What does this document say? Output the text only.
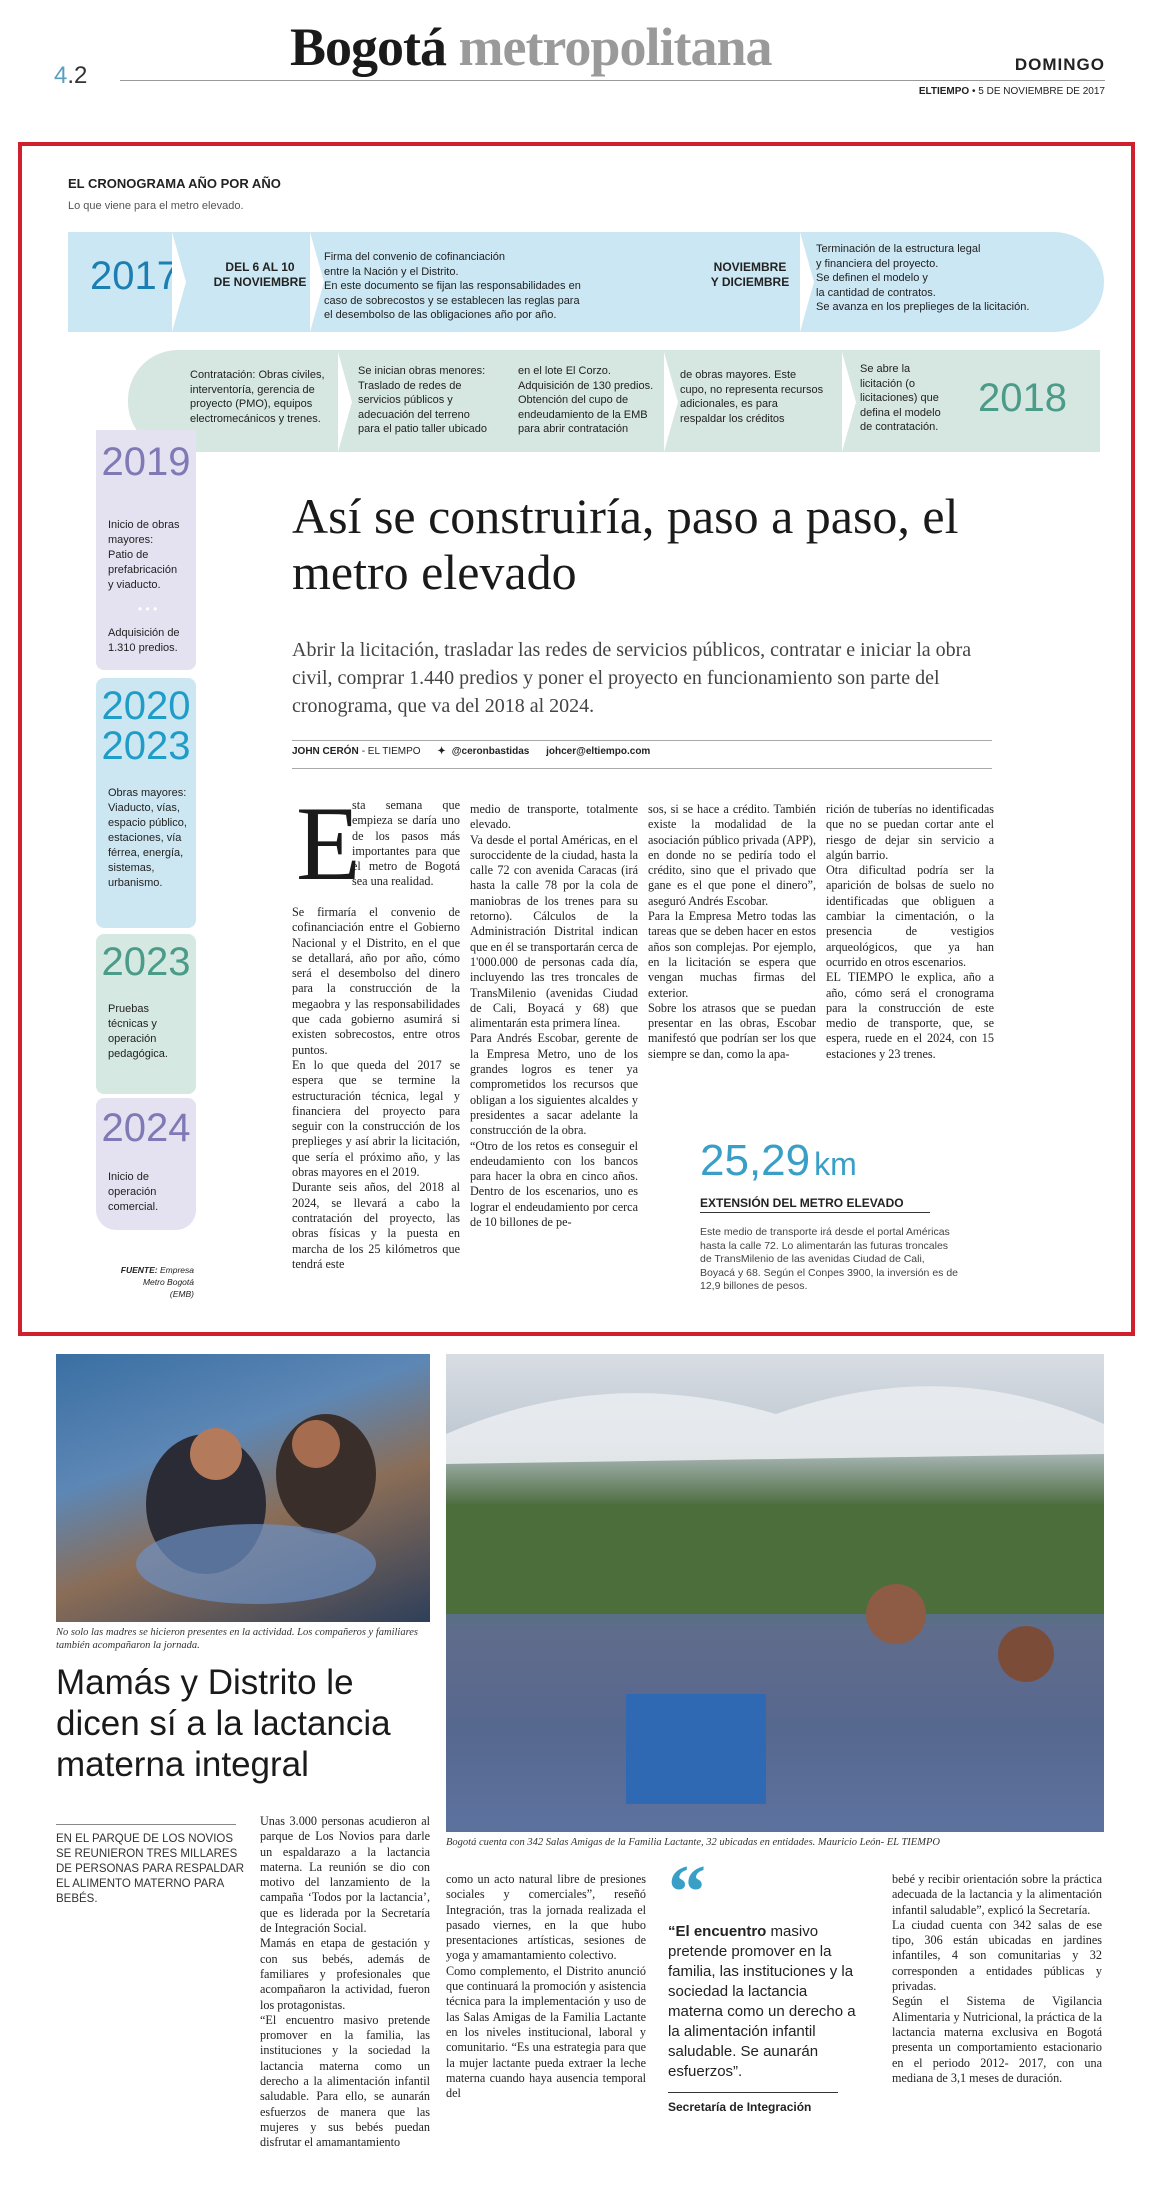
4.2	Bogotá metropolitana	DOMINGO
ELTIEMPO • 5 DE NOVIEMBRE DE 2017
EL CRONOGRAMA AÑO POR AÑO
Lo que viene para el metro elevado.
2017	DEL 6 AL 10
DE NOVIEMBRE
Firma del convenio de cofinanciación
entre la Nación y el Distrito.
En este documento se fijan las responsabilidades en
caso de sobrecostos y se establecen las reglas para
el desembolso de las obligaciones año por año.
NOVIEMBRE
Y DICIEMBRE
Terminación de la estructura legal
y financiera del proyecto.
Se definen el modelo y
la cantidad de contratos.
Se avanza en los preplieges de la licitación.
Contratación: Obras civiles,
interventoría, gerencia de
proyecto (PMO), equipos
electromecánicos y trenes.
Se inician obras menores:
Traslado de redes de
servicios públicos y
adecuación del terreno
para el patio taller ubicado
en el lote El Corzo.
Adquisición de 130 predios.
Obtención del cupo de
endeudamiento de la EMB
para abrir contratación
de obras mayores. Este
cupo, no representa recursos
adicionales, es para
respaldar los créditos
Se abre la
licitación (o
licitaciones) que
defina el modelo
de contratación.
2018
2019
Inicio de obras
mayores:
Patio de
prefabricación
y viaducto.
• • •
Adquisición de
1.310 predios.
2020
2023
Obras mayores:
Viaducto, vías,
espacio público,
estaciones, vía
férrea, energía,
sistemas,
urbanismo.
2023
Pruebas
técnicas y
operación
pedagógica.
2024
Inicio de
operación
comercial.
FUENTE: Empresa
Metro Bogotá (EMB)
Así se construiría, paso a paso, el metro elevado
Abrir la licitación, trasladar las redes de servicios públicos, contratar e iniciar la obra civil, comprar 1.440 predios y poner el proyecto en funcionamiento son parte del cronograma, que va del 2018 al 2024.
JOHN CERÓN - EL TIEMPO ✦ @ceronbastidas johcer@eltiempo.com
E
sta semana que empieza se daría uno de los pasos más importantes para que el metro de Bogotá sea una realidad.
Se firmaría el convenio de cofinanciación entre el Gobierno Nacional y el Distrito, en el que se detallará, año por año, cómo será el desembolso del dinero para la construcción de la megaobra y las responsabilidades que cada gobierno asumirá si existen sobrecostos, entre otros puntos.
En lo que queda del 2017 se espera que se termine la estructuración técnica, legal y financiera del proyecto para seguir con la construcción de los preplieges y así abrir la licitación, que sería el próximo año, y las obras mayores en el 2019.
Durante seis años, del 2018 al 2024, se llevará a cabo la contratación del proyecto, las obras físicas y la puesta en marcha de los 25 kilómetros que tendrá este
medio de transporte, totalmente elevado.
Va desde el portal Américas, en el suroccidente de la ciudad, hasta la calle 72 con avenida Caracas (irá hasta la calle 78 por la cola de maniobras de los trenes para su retorno). Cálculos de la Administración Distrital indican que en él se transportarán cerca de 1'000.000 de personas cada día, incluyendo las tres troncales de TransMilenio (avenidas Ciudad de Cali, Boyacá y 68) que alimentarán esta primera línea.
Para Andrés Escobar, gerente de la Empresa Metro, uno de los grandes logros es tener ya comprometidos los recursos que obligan a los siguientes alcaldes y presidentes a sacar adelante la construcción de la obra.
“Otro de los retos es conseguir el endeudamiento con los bancos para hacer la obra en cinco años. Dentro de los escenarios, uno es lograr el endeudamiento por cerca de 10 billones de pe-
sos, si se hace a crédito. También existe la modalidad de la asociación público privada (APP), en donde no se pediría todo el crédito, sino que el privado que gane es el que pone el dinero”, aseguró Andrés Escobar.
Para la Empresa Metro todas las tareas que se deben hacer en estos años son complejas. Por ejemplo, en la licitación se espera que vengan muchas firmas del exterior.
Sobre los atrasos que se puedan presentar en las obras, Escobar manifestó que podrían ser los que siempre se dan, como la apa-
rición de tuberías no identificadas que no se puedan cortar ante el riesgo de dejar sin servicio a algún barrio.
Otra dificultad podría ser la aparición de bolsas de suelo no identificadas que obliguen a cambiar la cimentación, o la presencia de vestigios arqueológicos, que ya han ocurrido en otros escenarios.
EL TIEMPO le explica, año a año, cómo será el cronograma para la construcción de este medio de transporte, que, se espera, ruede en el 2024, con 15 estaciones y 23 trenes.
25,29 km
EXTENSIÓN DEL METRO ELEVADO
Este medio de transporte irá desde el portal Américas hasta la calle 72. Lo alimentarán las futuras troncales de TransMilenio de las avenidas Ciudad de Cali, Boyacá y 68. Según el Conpes 3900, la inversión es de 12,9 billones de pesos.
No solo las madres se hicieron presentes en la actividad. Los compañeros y familiares también acompañaron la jornada.
Bogotá cuenta con 342 Salas Amigas de la Familia Lactante, 32 ubicadas en entidades. Mauricio León- EL TIEMPO
Mamás y Distrito le dicen sí a la lactancia materna integral
EN EL PARQUE DE LOS NOVIOS SE REUNIERON TRES MILLARES DE PERSONAS PARA RESPALDAR EL ALIMENTO MATERNO PARA BEBÉS.
Unas 3.000 personas acudieron al parque de Los Novios para darle un espaldarazo a la lactancia materna. La reunión se dio con motivo del lanzamiento de la campaña ‘Todos por la lactancia’, que es liderada por la Secretaría de Integración Social.
Mamás en etapa de gestación y con sus bebés, además de familiares y profesionales que acompañaron la actividad, fueron los protagonistas.
“El encuentro masivo pretende promover en la familia, las instituciones y la sociedad la lactancia materna como un derecho a la alimentación infantil saludable. Para ello, se aunarán esfuerzos de manera que las mujeres y sus bebés puedan disfrutar el amamantamiento
como un acto natural libre de presiones sociales y comerciales”, reseñó Integración, tras la jornada realizada el pasado viernes, en la que hubo presentaciones artísticas, sesiones de yoga y amamantamiento colectivo.
Como complemento, el Distrito anunció que continuará la promoción y asistencia técnica para la implementación y uso de las Salas Amigas de la Familia Lactante en los niveles institucional, laboral y comunitario. “Es una estrategia para que la mujer lactante pueda extraer la leche materna cuando haya ausencia temporal del
“
“El encuentro masivo pretende promover en la familia, las instituciones y la sociedad la lactancia materna como un derecho a la alimentación infantil saludable. Se aunarán esfuerzos”.
Secretaría de Integración
bebé y recibir orientación sobre la práctica adecuada de la lactancia y la alimentación infantil saludable”, explicó la Secretaría.
La ciudad cuenta con 342 salas de ese tipo, 306 están ubicadas en jardines infantiles, 4 son comunitarias y 32 corresponden a entidades públicas y privadas.
Según el Sistema de Vigilancia Alimentaria y Nutricional, la práctica de la lactancia materna exclusiva en Bogotá presenta un comportamiento estacionario en el periodo 2012- 2017, con una mediana de 3,1 meses de duración.
